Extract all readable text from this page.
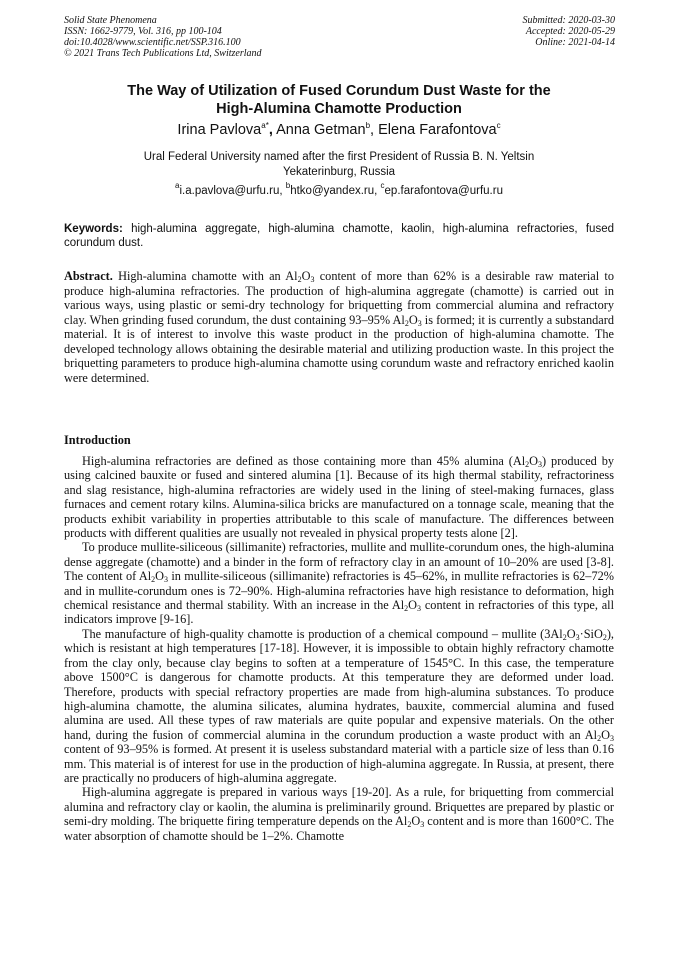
Solid State Phenomena
ISSN: 1662-9779, Vol. 316, pp 100-104
doi:10.4028/www.scientific.net/SSP.316.100
© 2021 Trans Tech Publications Ltd, Switzerland
Submitted: 2020-03-30
Accepted: 2020-05-29
Online: 2021-04-14
The Way of Utilization of Fused Corundum Dust Waste for the
High-Alumina Chamotte Production
Irina Pavlova$^{a*}$, Anna Getman$^b$, Elena Farafontova$^c$
Ural Federal University named after the first President of Russia B. N. Yeltsin
Yekaterinburg, Russia
$^a$i.a.pavlova@urfu.ru, $^b$htko@yandex.ru, $^c$ep.farafontova@urfu.ru
Keywords: high-alumina aggregate, high-alumina chamotte, kaolin, high-alumina refractories, fused corundum dust.
Abstract. High-alumina chamotte with an $Al_2O_3$ content of more than 62% is a desirable raw material to produce high-alumina refractories. The production of high-alumina aggregate (chamotte) is carried out in various ways, using plastic or semi-dry technology for briquetting from commercial alumina and refractory clay. When grinding fused corundum, the dust containing 93–95% $Al_2O_3$ is formed; it is currently a substandard material. It is of interest to involve this waste product in the production of high-alumina chamotte. The developed technology allows obtaining the desirable material and utilizing production waste. In this project the briquetting parameters to produce high-alumina chamotte using corundum waste and refractory enriched kaolin were determined.
Introduction

High-alumina refractories are defined as those containing more than 45% alumina $(Al_2O_3)$ produced by using calcined bauxite or fused and sintered alumina [1]. Because of its high thermal stability, refractoriness and slag resistance, high-alumina refractories are widely used in the lining of steel-making furnaces, glass furnaces and cement rotary kilns. Alumina-silica bricks are manufactured on a tonnage scale, meaning that the products exhibit variability in properties attributable to this scale of manufacture. The differences between products with different qualities are usually not revealed in physical property tests alone [2].

To produce mullite-siliceous (sillimanite) refractories, mullite and mullite-corundum ones, the high-alumina dense aggregate (chamotte) and a binder in the form of refractory clay in an amount of 10–20% are used [3-8]. The content of $Al_2O_3$ in mullite-siliceous (sillimanite) refractories is 45–62%, in mullite refractories is 62–72% and in mullite-corundum ones is 72–90%. High-alumina refractories have high resistance to deformation, high chemical resistance and thermal stability. With an increase in the $Al_2O_3$ content in refractories of this type, all indicators improve [9-16].

The manufacture of high-quality chamotte is production of a chemical compound – mullite $(3Al_2O_3\cdot SiO_2)$, which is resistant at high temperatures [17-18]. However, it is impossible to obtain highly refractory chamotte from the clay only, because clay begins to soften at a temperature of 1545°C. In this case, the temperature above 1500°C is dangerous for chamotte products. At this temperature they are deformed under load. Therefore, products with special refractory properties are made from high-alumina substances. To produce high-alumina chamotte, the alumina silicates, alumina hydrates, bauxite, commercial alumina and fused alumina are used. All these types of raw materials are quite popular and expensive materials. On the other hand, during the fusion of commercial alumina in the corundum production a waste product with an $Al_2O_3$ content of 93–95% is formed. At present it is useless substandard material with a particle size of less than 0.16 mm. This material is of interest for use in the production of high-alumina aggregate. In Russia, at present, there are practically no producers of high-alumina aggregate.

High-alumina aggregate is prepared in various ways [19-20]. As a rule, for briquetting from commercial alumina and refractory clay or kaolin, the alumina is preliminarily ground. Briquettes are prepared by plastic or semi-dry molding. The briquette firing temperature depends on the $Al_2O_3$ content and is more than 1600°C. The water absorption of chamotte should be 1–2%. Chamotte
